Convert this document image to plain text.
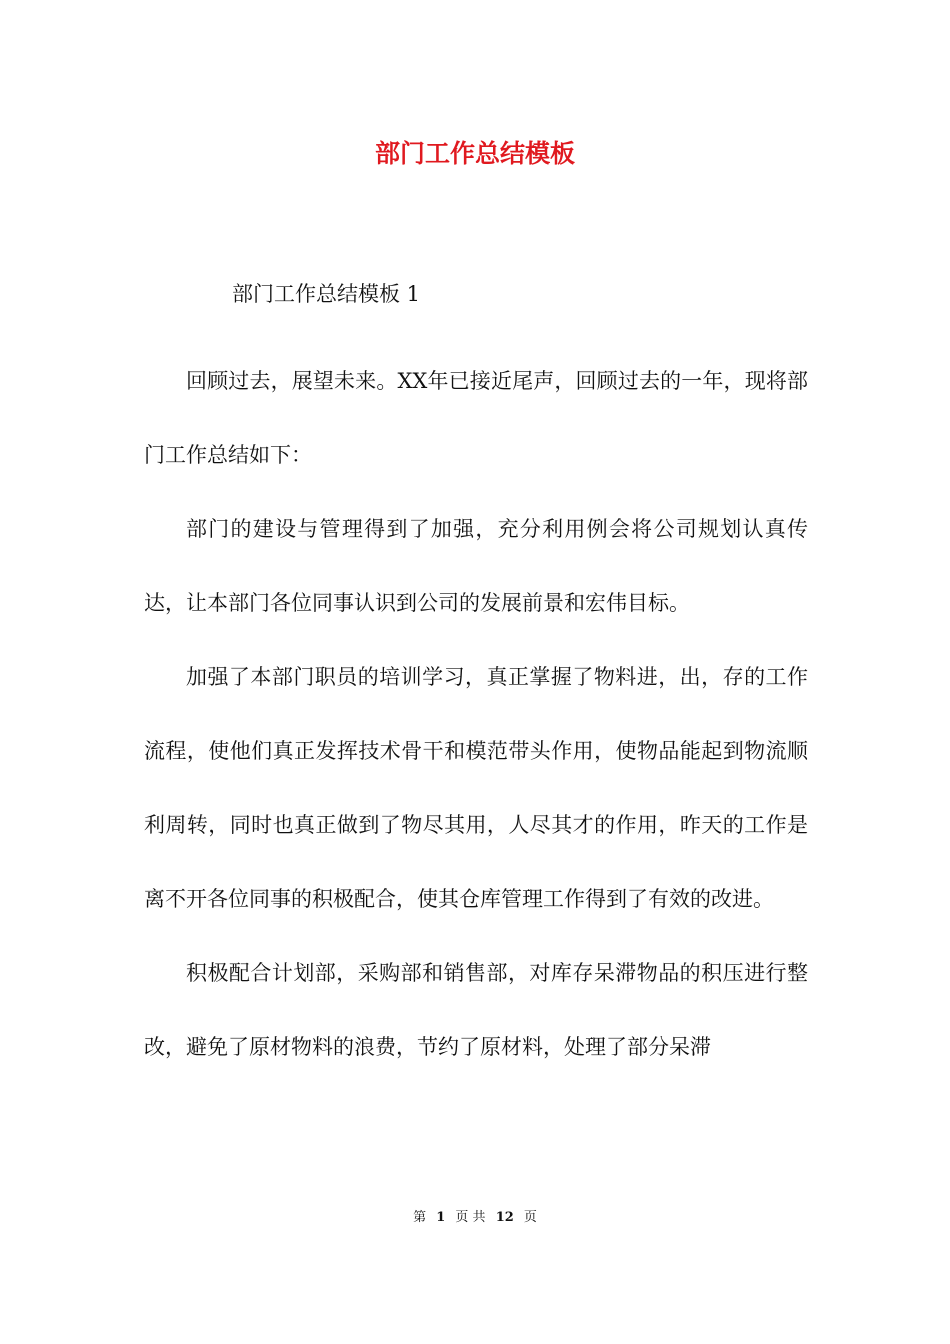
部门工作总结模板

部门工作总结模板 1

回顾过去，展望未来。XX年已接近尾声，回顾过去的一年，现将部门工作总结如下：

部门的建设与管理得到了加强，充分利用例会将公司规划认真传达，让本部门各位同事认识到公司的发展前景和宏伟目标。

加强了本部门职员的培训学习，真正掌握了物料进，出，存的工作流程，使他们真正发挥技术骨干和模范带头作用，使物品能起到物流顺利周转，同时也真正做到了物尽其用，人尽其才的作用，昨天的工作是离不开各位同事的积极配合，使其仓库管理工作得到了有效的改进。

积极配合计划部，采购部和销售部，对库存呆滞物品的积压进行整改，避免了原材物料的浪费，节约了原材料，处理了部分呆滞

第 1 页 共 12 页
